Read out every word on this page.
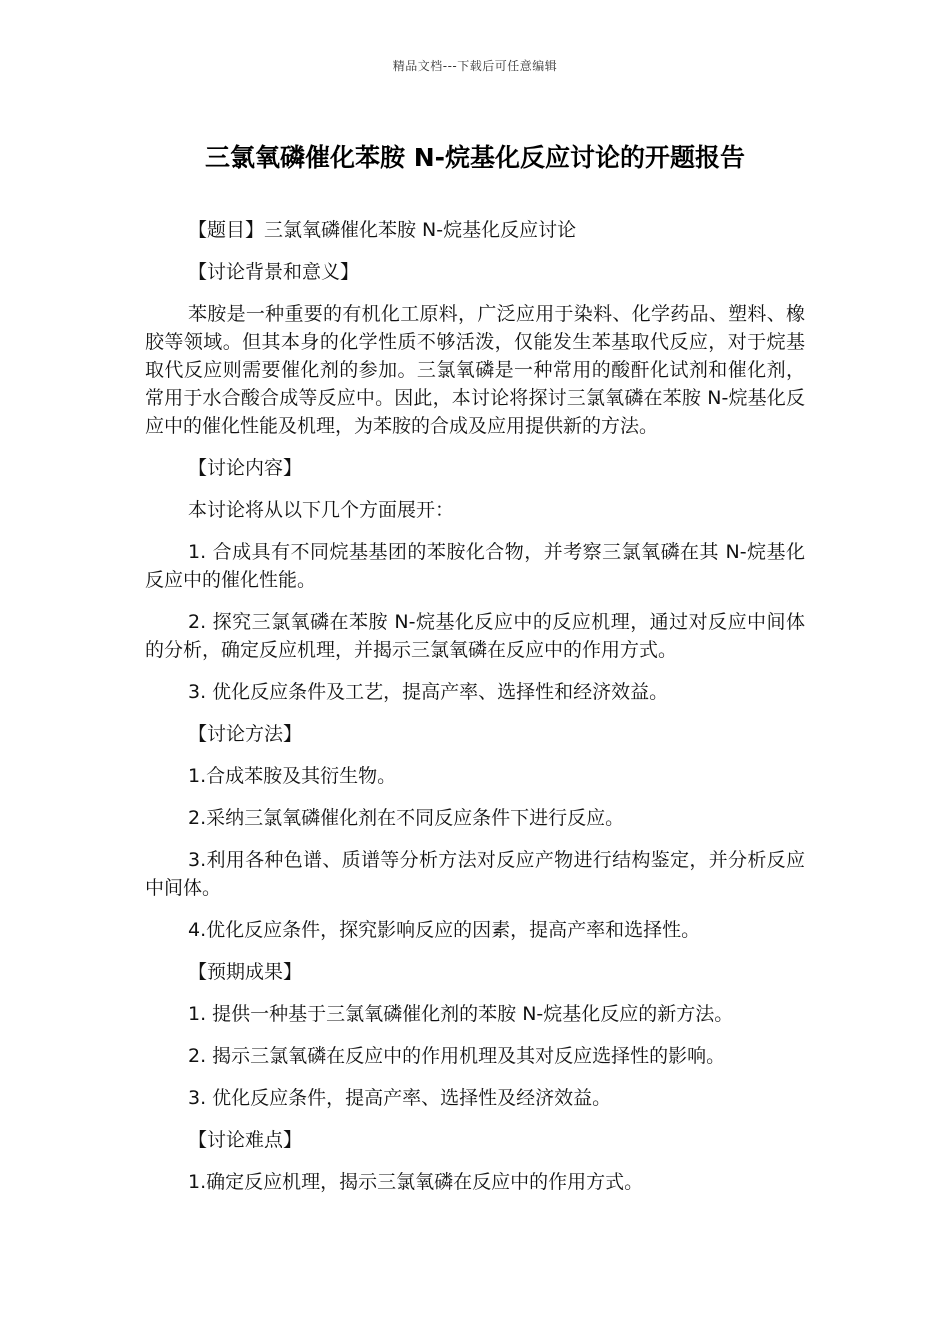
精品文档---下载后可任意编辑
三氯氧磷催化苯胺 N-烷基化反应讨论的开题报告

【题目】三氯氧磷催化苯胺 N-烷基化反应讨论

【讨论背景和意义】

苯胺是一种重要的有机化工原料，广泛应用于染料、化学药品、塑料、橡胶等领域。但其本身的化学性质不够活泼，仅能发生苯基取代反应，对于烷基取代反应则需要催化剂的参加。三氯氧磷是一种常用的酸酐化试剂和催化剂，常用于水合酸合成等反应中。因此，本讨论将探讨三氯氧磷在苯胺 N-烷基化反应中的催化性能及机理，为苯胺的合成及应用提供新的方法。

【讨论内容】

本讨论将从以下几个方面展开：

1. 合成具有不同烷基基团的苯胺化合物，并考察三氯氧磷在其 N-烷基化反应中的催化性能。

2. 探究三氯氧磷在苯胺 N-烷基化反应中的反应机理，通过对反应中间体的分析，确定反应机理，并揭示三氯氧磷在反应中的作用方式。

3. 优化反应条件及工艺，提高产率、选择性和经济效益。

【讨论方法】

1.合成苯胺及其衍生物。

2.采纳三氯氧磷催化剂在不同反应条件下进行反应。

3.利用各种色谱、质谱等分析方法对反应产物进行结构鉴定，并分析反应中间体。

4.优化反应条件，探究影响反应的因素，提高产率和选择性。

【预期成果】

1. 提供一种基于三氯氧磷催化剂的苯胺 N-烷基化反应的新方法。

2. 揭示三氯氧磷在反应中的作用机理及其对反应选择性的影响。

3. 优化反应条件，提高产率、选择性及经济效益。

【讨论难点】

1.确定反应机理，揭示三氯氧磷在反应中的作用方式。
